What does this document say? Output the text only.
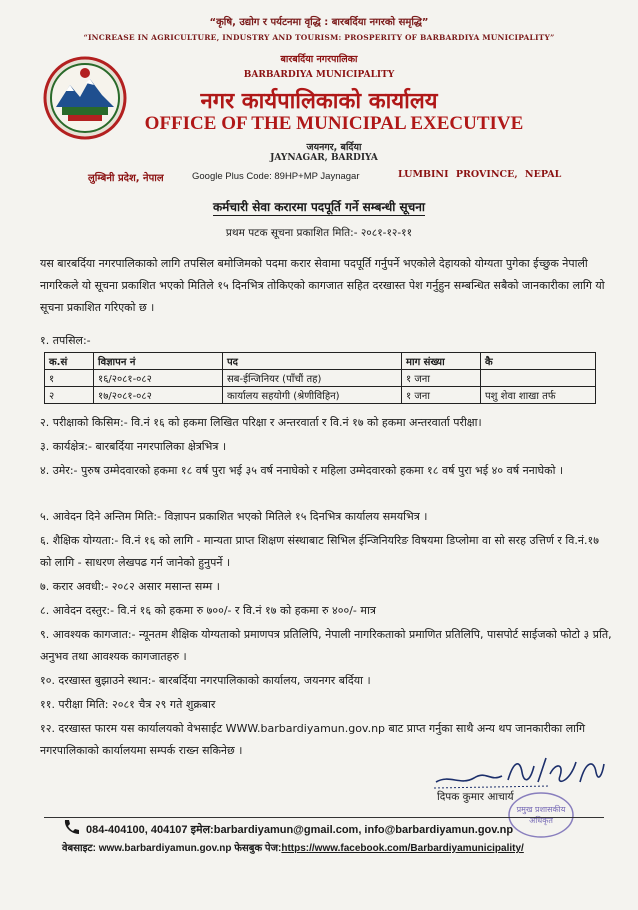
“कृषि, उद्योग र पर्यटनमा वृद्धि : बारबर्दिया नगरको समृद्धि”
“INCREASE IN AGRICULTURE, INDUSTRY AND TOURISM: PROSPERITY OF BARBARDIYA MUNICIPALITY”
बारबर्दिया नगरपालिका
BARBARDIYA MUNICIPALITY
नगर कार्यपालिकाको कार्यालय
OFFICE OF THE MUNICIPAL EXECUTIVE
जयनगर, बर्दिया
JAYNAGAR, BARDIYA
लुम्बिनी प्रदेश, नेपाल	Google Plus Code: 89HP+MP Jaynagar	LUMBINI PROVINCE, NEPAL
कर्मचारी सेवा करारमा पदपूर्ति गर्ने सम्बन्धी सूचना
प्रथम पटक सूचना प्रकाशित मिति:- २०८१-१२-११
यस बारबर्दिया नगरपालिकाको लागि तपसिल बमोजिमको पदमा करार सेवामा पदपूर्ति गर्नुपर्ने भएकोले देहायको योग्यता पुगेका ईच्छुक नेपाली नागरिकले यो सूचना प्रकाशित भएको मितिले १५ दिनभित्र तोकिएको कागजात सहित दरखास्त पेश गर्नुहुन सम्बन्धित सबैको जानकारीका लागि यो सूचना प्रकाशित गरिएको छ ।
१. तपसिल:-
क.सं	विज्ञापन नं	पद	माग संख्या	कै
१	१६/२०८१-०८२	सब-ईन्जिनियर (पाँचौं तह)	१ जना	
२	१७/२०८१-०८२	कार्यालय सहयोगी (श्रेणीविहिन)	१ जना	पशु शेवा शाखा तर्फ
२. परीक्षाको किसिम:- वि.नं १६ को हकमा लिखित परिक्षा र अन्तरवार्ता र वि.नं १७ को हकमा अन्तरवार्ता परीक्षा।
३. कार्यक्षेत्र:- बारबर्दिया नगरपालिका क्षेत्रभित्र ।
४. उमेर:- पुरुष उम्मेदवारको हकमा १८ वर्ष पुरा भई ३५ वर्ष ननाघेको र महिला उम्मेदवारको हकमा १८ वर्ष पुरा भई ४० वर्ष ननाघेको ।
५. आवेदन दिने अन्तिम मिति:- विज्ञापन प्रकाशित भएको मितिले १५ दिनभित्र कार्यालय समयभित्र ।
६. शैक्षिक योग्यता:- वि.नं १६ को लागि - मान्यता प्राप्त शिक्षण संस्थाबाट सिभिल ईन्जिनियरिङ विषयमा डिप्लोमा वा सो सरह उत्तिर्ण र वि.नं.१७ को लागि - साधरण लेखपढ गर्न जानेको हुनुपर्ने ।
७. करार अवधी:- २०८२ असार मसान्त सम्म ।
८. आवेदन दस्तुर:- वि.नं १६ को हकमा रु ७००/- र वि.नं १७ को हकमा रु ४००/- मात्र
९. आवश्यक कागजात:- न्यूनतम शैक्षिक योग्यताको प्रमाणपत्र प्रतिलिपि, नेपाली नागरिकताको प्रमाणित प्रतिलिपि, पासपोर्ट साईजको फोटो ३ प्रति, अनुभव तथा आवश्यक कागजातहरु ।
१०. दरखास्त बुझाउने स्थान:- बारबर्दिया नगरपालिकाको कार्यालय, जयनगर बर्दिया ।
११. परीक्षा मिति: २०८१ चैत्र २९ गते शुक्रबार
१२. दरखास्त फारम यस कार्यालयको वेभसाईट WWW.barbardiyamun.gov.np बाट प्राप्त गर्नुका साथै अन्य थप जानकारीका लागि नगरपालिकाको कार्यालयमा सम्पर्क राख्न सकिनेछ ।
दिपक कुमार आचार्य
प्रमुख प्रशासकीय
अधिकृत
084-404100, 404107 इमेल:barbardiyamun@gmail.com, info@barbardiyamun.gov.np
वेबसाइट: www.barbardiyamun.gov.np फेसबुक पेज:https://www.facebook.com/Barbardiyamunicipality/
